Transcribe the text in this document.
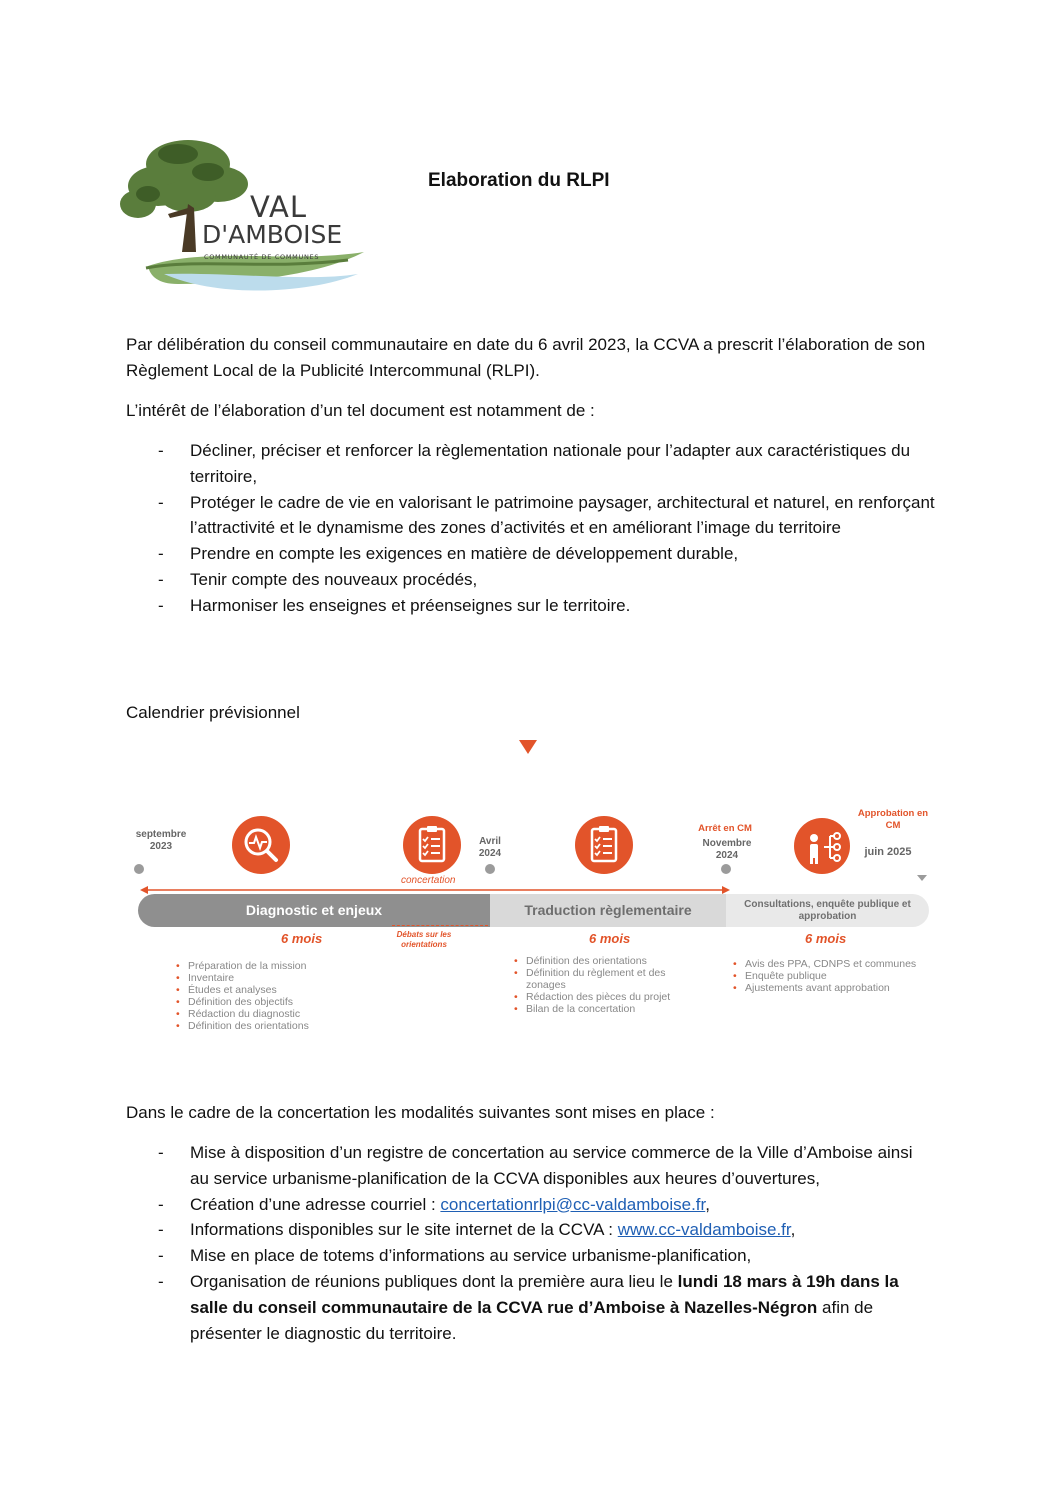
VAL
D'AMBOISE
COMMUNAUTÉ DE COMMUNES
Elaboration du RLPI
Par délibération du conseil communautaire en date du 6 avril 2023, la CCVA a prescrit l’élaboration de son Règlement Local de la Publicité Intercommunal (RLPI).
L’intérêt de l’élaboration d’un tel document est notamment de :
- Décliner, préciser et renforcer la règlementation nationale pour l’adapter aux caractéristiques du territoire,
- Protéger le cadre de vie en valorisant le patrimoine paysager, architectural et naturel, en renforçant l’attractivité et le dynamisme des zones d’activités et en améliorant l’image du territoire
- Prendre en compte les exigences en matière de développement durable,
- Tenir compte des nouveaux procédés,
- Harmoniser les enseignes et préenseignes sur le territoire.
Calendrier prévisionnel
septembre
2023	Avril
2024
Arrêt en CM
Novembre
2024
Approbation en
CM
juin 2025
concertation
Diagnostic et enjeux	Traduction règlementaire	Consultations, enquête publique et approbation
6 mois	Débats sur les
orientations	6 mois	6 mois
• Préparation de la mission
• Inventaire
• Études et analyses
• Définition des objectifs
• Rédaction du diagnostic
• Définition des orientations
• Définition des orientations
• Définition du règlement et des zonages
• Rédaction des pièces du projet
• Bilan de la concertation
• Avis des PPA, CDNPS et communes
• Enquête publique
• Ajustements avant approbation
Dans le cadre de la concertation les modalités suivantes sont mises en place :
- Mise à disposition d’un registre de concertation au service commerce de la Ville d’Amboise ainsi au service urbanisme-planification de la CCVA disponibles aux heures d’ouvertures,
- Création d’une adresse courriel : concertationrlpi@cc-valdamboise.fr,
- Informations disponibles sur le site internet de la CCVA : www.cc-valdamboise.fr,
- Mise en place de totems d’informations au service urbanisme-planification,
- Organisation de réunions publiques dont la première aura lieu le lundi 18 mars à 19h dans la salle du conseil communautaire de la CCVA rue d’Amboise à Nazelles-Négron afin de présenter le diagnostic du territoire.
